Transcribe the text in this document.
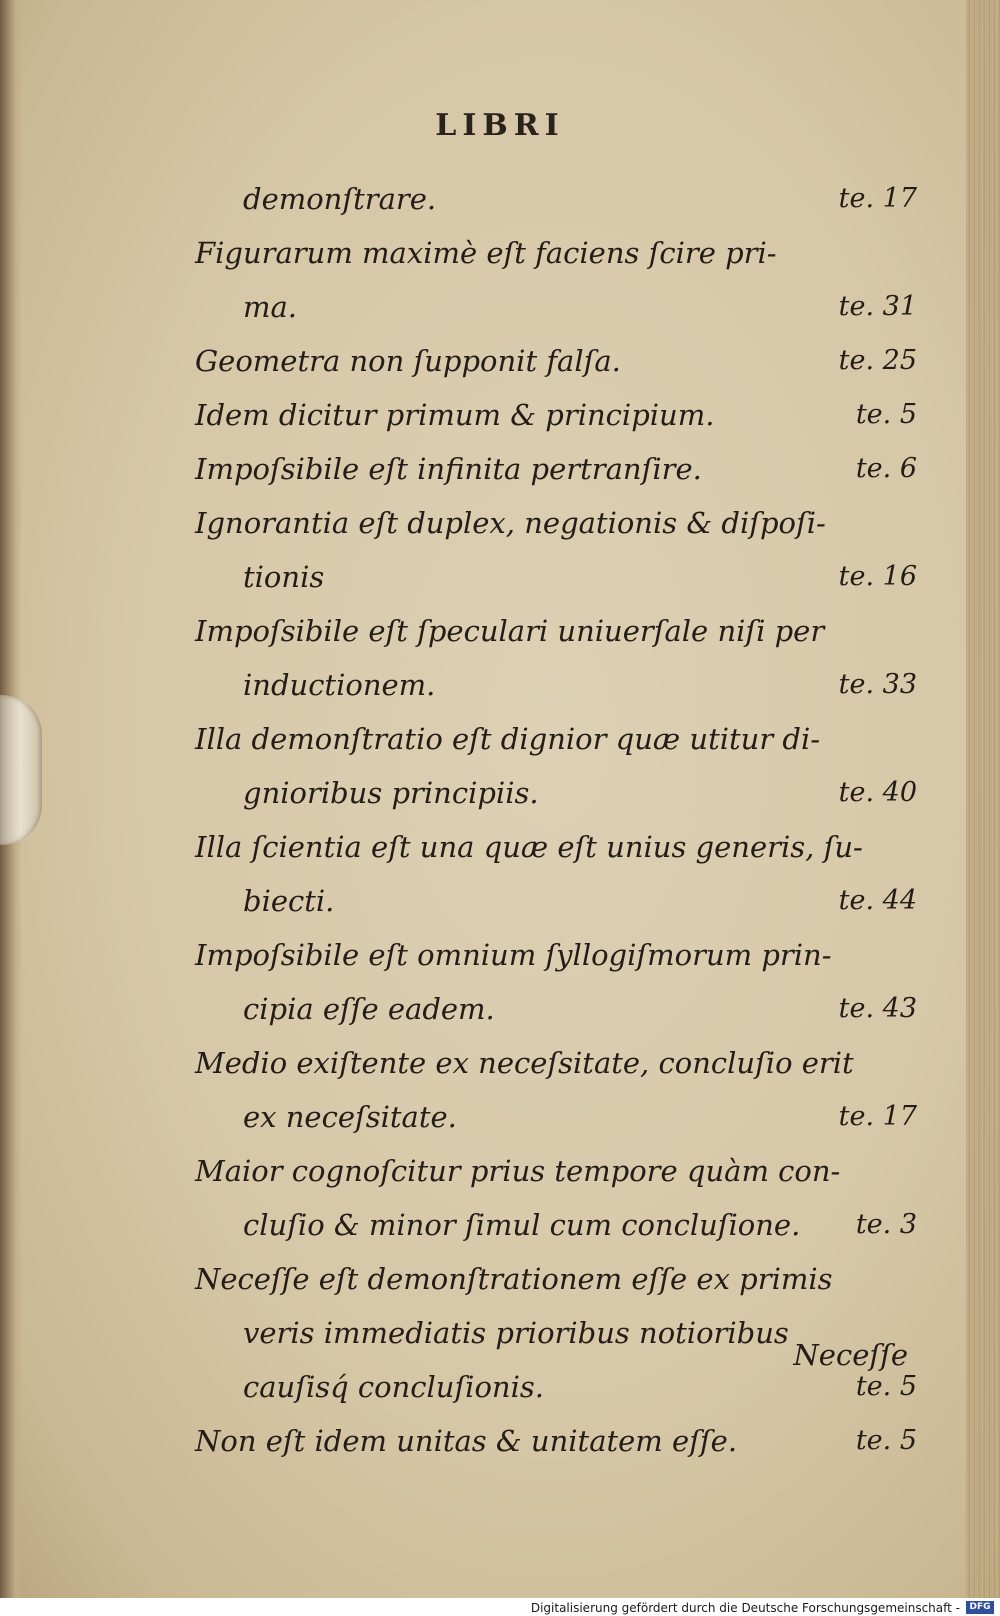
LIBRI
demonſtrare.	te. 17
Figurarum maximè eſt faciens ſcire pri-
ma.	te. 31
Geometra non ſupponit falſa.	te. 25
Idem dicitur primum & principium.	te. 5
Impoſsibile eſt infinita pertranſire.	te. 6
Ignorantia eſt duplex, negationis & diſpoſi-
tionis	te. 16
Impoſsibile eſt ſpeculari uniuerſale niſi per
inductionem.	te. 33
Illa demonſtratio eſt dignior quæ utitur di-
gnioribus principiis.	te. 40
Illa ſcientia eſt una quæ eſt unius generis, ſu-
biecti.	te. 44
Impoſsibile eſt omnium ſyllogiſmorum prin-
cipia eſſe eadem.	te. 43
Medio exiſtente ex neceſsitate, concluſio erit
ex neceſsitate.	te. 17
Maior cognoſcitur prius tempore quàm con-
cluſio & minor ſimul cum concluſione. te. 3
Neceſſe eſt demonſtrationem eſſe ex primis
veris immediatis prioribus notioribus
cauſisq́ concluſionis.	te. 5
Non eſt idem unitas & unitatem eſſe.	te. 5
Neceſſe
Digitalisierung gefördert durch die Deutsche Forschungsgemeinschaft -	DFG
